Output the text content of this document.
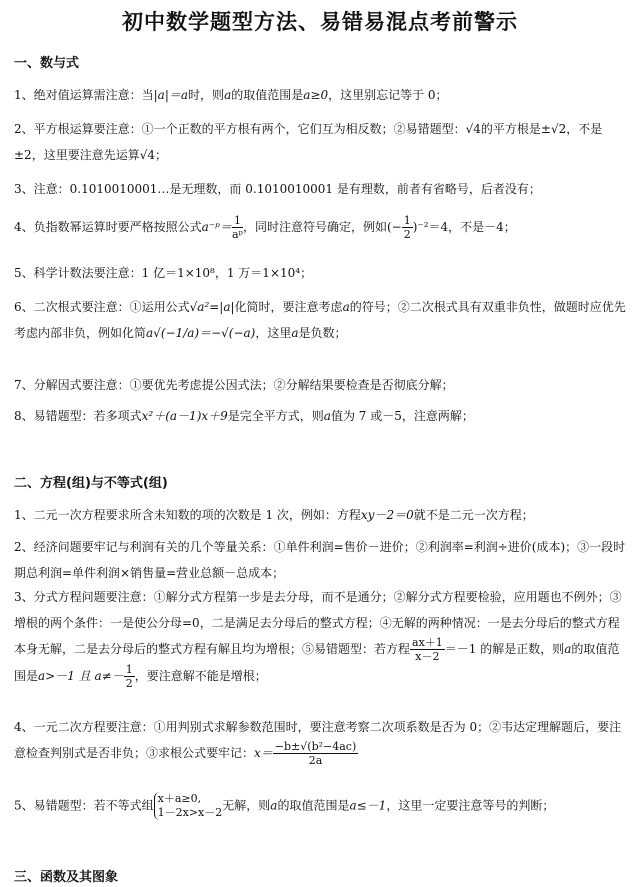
初中数学题型方法、易错易混点考前警示
一、数与式
1、绝对值运算需注意：当|a|＝a时，则a的取值范围是a≥0，这里别忘记等于 0；
2、平方根运算要注意：①一个正数的平方根有两个，它们互为相反数；②易错题型：√4的平方根是±√2，不是±2，这里要注意先运算√4；
3、注意：0.1010010001…是无理数，而 0.1010010001 是有理数，前者有省略号，后者没有；
4、负指数幂运算时要严格按照公式a⁻ᵖ＝ $\frac{1}{\text{aᵖ}}$ ，同时注意符号确定，例如(− $\frac{1}{2} )^{-2}=4$，不是－4；
5、科学计数法要注意：1 亿＝1×10⁸，1 万＝1×10⁴；
6、二次根式要注意：①运用公式√a²=|a|化简时，要注意考虑a的符号；②二次根式具有双重非负性，做题时应优先考虑内部非负，例如化简a√(−1/a)＝−√(−a)，这里a是负数；
7、分解因式要注意：①要优先考虑提公因式法；②分解结果要检查是否彻底分解；
8、易错题型：若多项式x²＋(a－1)x＋9是完全平方式，则a值为 7 或－5，注意两解；
二、方程(组)与不等式(组)
1、二元一次方程要求所含未知数的项的次数是 1 次，例如：方程xy－2＝0就不是二元一次方程；
2、经济问题要牢记与利润有关的几个等量关系：①单件利润=售价－进价；②利润率=利润÷进价(成本)；③一段时期总利润=单件利润×销售量=营业总额－总成本；
3、分式方程问题要注意：①解分式方程第一步是去分母，而不是通分；②解分式方程要检验，应用题也不例外；③增根的两个条件：一是使公分母=0，二是满足去分母后的整式方程；④无解的两种情况：一是去分母后的整式方程本身无解，二是去分母后的整式方程有解且均为增根；⑤易错题型：若方程 $\frac{ax+1}{x-2} =-1$ 的解是正数，则a的取值范围是a>－1 且 $a\ne- \frac{1}{2}$ ，要注意解不能是增根；
4、一元二次方程要注意：①用判别式求解参数范围时，要注意考察二次项系数是否为 0；②韦达定理解题后，要注意检查判别式是否非负；③求根公式要牢记：$x= \frac{\text{−b±√(b²−4ac)}}{2a}$
5、易错题型：若不等式组 x＋a≥0,
1－2x>x－2 无解，则a的取值范围是a≤－1，这里一定要注意等号的判断；
三、函数及其图象
